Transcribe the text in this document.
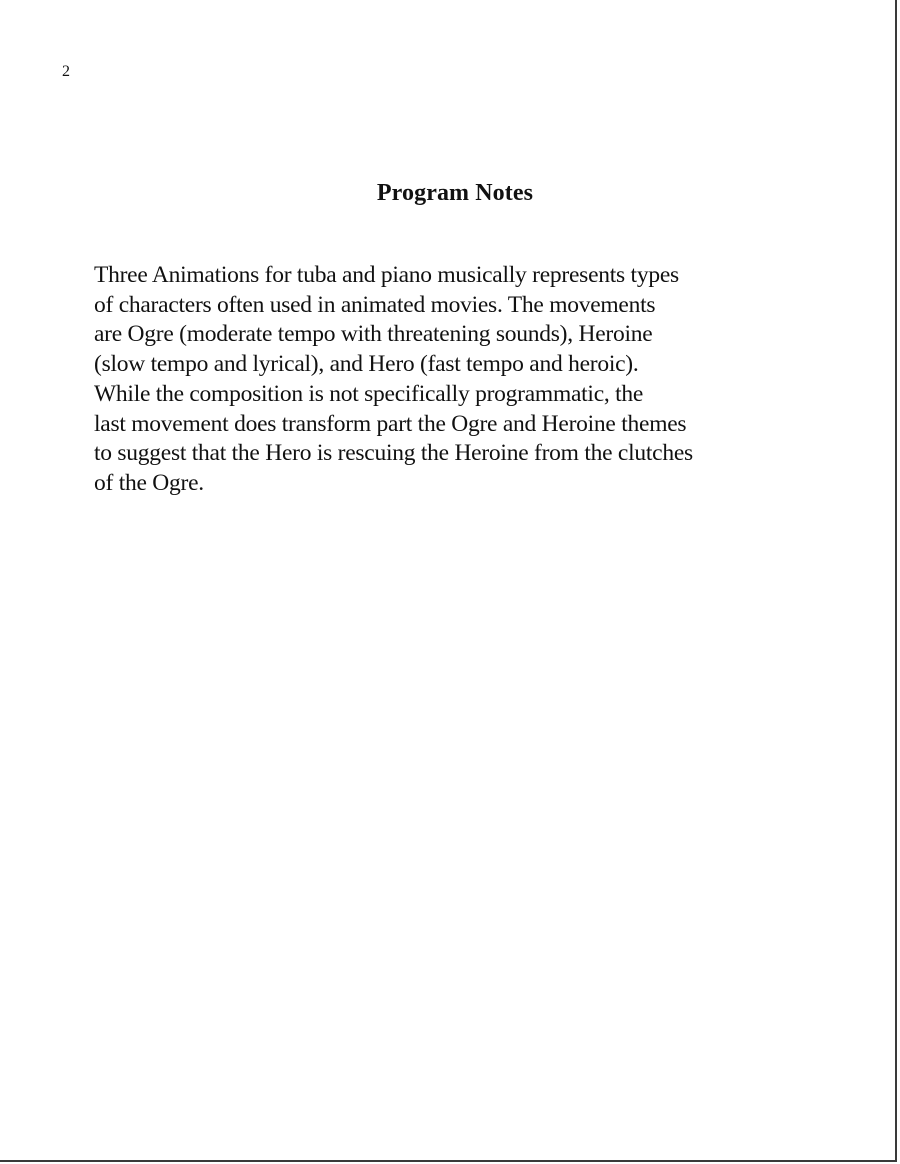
2
Program Notes
Three Animations for tuba and piano musically represents types
of characters often used in animated movies. The movements
are Ogre (moderate tempo with threatening sounds), Heroine
(slow tempo and lyrical), and Hero (fast tempo and heroic).
While the composition is not specifically programmatic, the
last movement does transform part the Ogre and Heroine themes
to suggest that the Hero is rescuing the Heroine from the clutches
of the Ogre.
